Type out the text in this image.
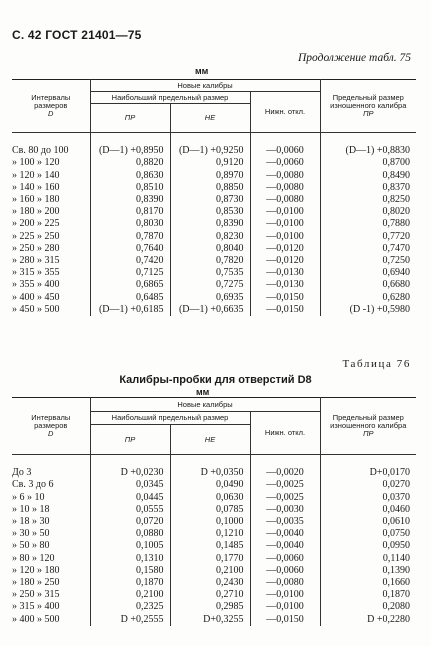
С. 42 ГОСТ 21401—75
Продолжение табл. 75
мм
Интервалы размеров
D	Новые калибры			Предельный размер изношенного калибра
ПР
	Наибольший предельный размер		Нижн. откл.	
	ПР	НЕ		

Св. 80 до 100	(D—1) +0,8950	(D—1) +0,9250	—0,0060	(D—1) +0,8830
» 100 » 120	0,8820	0,9120	—0,0060	0,8700
» 120 » 140	0,8630	0,8970	—0,0080	0,8490
» 140 » 160	0,8510	0,8850	—0,0080	0,8370
» 160 » 180	0,8390	0,8730	—0,0080	0,8250
» 180 » 200	0,8170	0,8530	—0,0100	0,8020
» 200 » 225	0,8030	0,8390	—0,0100	0,7880
» 225 » 250	0,7870	0,8230	—0,0100	0,7720
» 250 » 280	0,7640	0,8040	—0,0120	0,7470
» 280 » 315	0,7420	0,7820	—0,0120	0,7250
» 315 » 355	0,7125	0,7535	—0,0130	0,6940
» 355 » 400	0,6865	0,7275	—0,0130	0,6680
» 400 » 450	0,6485	0,6935	—0,0150	0,6280
» 450 » 500	(D—1) +0,6185	(D—1) +0,6635	—0,0150	(D -1) +0,5980
Таблица 76
Калибры-пробки для отверстий D8
мм
Интервалы размеров
D	Новые калибры			Предельный размер изношенного калибра
ПР
	Наибольший предельный размер		Нижн. откл.	
	ПР	НЕ		

До 3	D +0,0230	D +0,0350	—0,0020	D+0,0170
Св. 3 до 6	0,0345	0,0490	—0,0025	0,0270
» 6 » 10	0,0445	0,0630	—0,0025	0,0370
» 10 » 18	0,0555	0,0785	—0,0030	0,0460
» 18 » 30	0,0720	0,1000	—0,0035	0,0610
» 30 » 50	0,0880	0,1210	—0,0040	0,0750
» 50 » 80	0,1005	0,1485	—0,0040	0,0950
» 80 » 120	0,1310	0,1770	—0,0060	0,1140
» 120 » 180	0,1580	0,2100	—0,0060	0,1390
» 180 » 250	0,1870	0,2430	—0,0080	0,1660
» 250 » 315	0,2100	0,2710	—0,0100	0,1870
» 315 » 400	0,2325	0,2985	—0,0100	0,2080
» 400 » 500	D +0,2555	D+0,3255	—0,0150	D +0,2280
